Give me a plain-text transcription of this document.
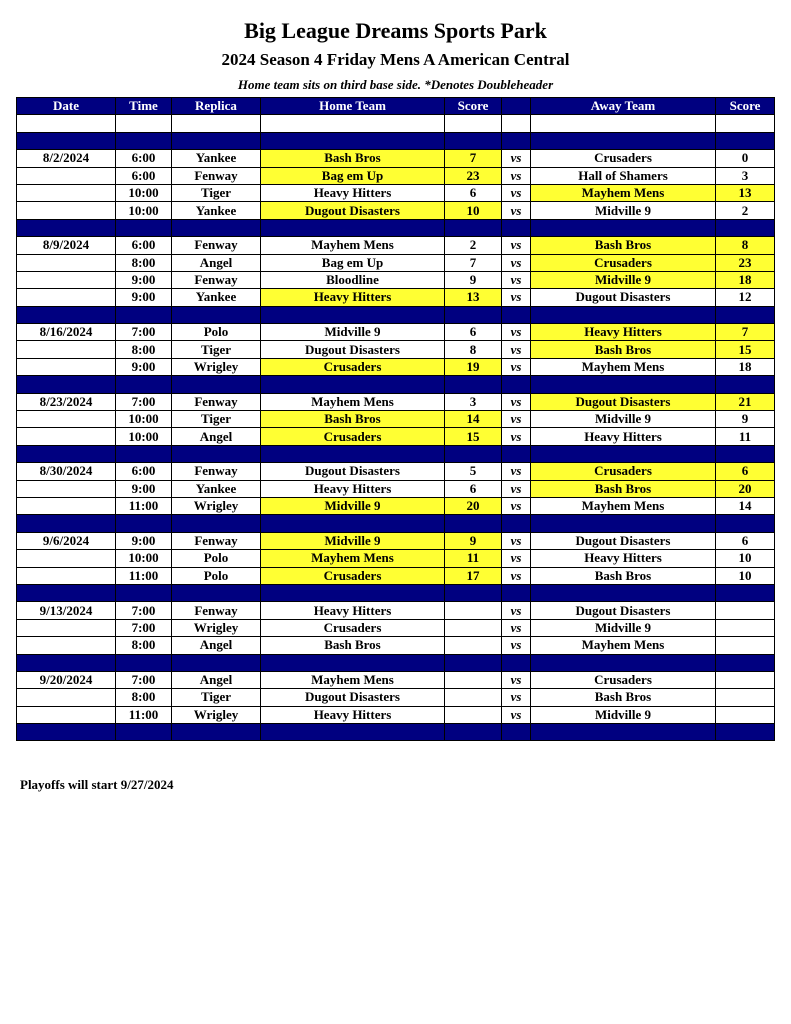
Big League Dreams Sports Park
2024 Season 4 Friday Mens A American Central
Home team sits on third base side. *Denotes Doubleheader
Date	Time	Replica	Home Team	Score		Away Team	Score

8/2/2024	6:00	Yankee	Bash Bros	7	vs	Crusaders	0
	6:00	Fenway	Bag em Up	23	vs	Hall of Shamers	3
	10:00	Tiger	Heavy Hitters	6	vs	Mayhem Mens	13
	10:00	Yankee	Dugout Disasters	10	vs	Midville 9	2

8/9/2024	6:00	Fenway	Mayhem Mens	2	vs	Bash Bros	8
	8:00	Angel	Bag em Up	7	vs	Crusaders	23
	9:00	Fenway	Bloodline	9	vs	Midville 9	18
	9:00	Yankee	Heavy Hitters	13	vs	Dugout Disasters	12

8/16/2024	7:00	Polo	Midville 9	6	vs	Heavy Hitters	7
	8:00	Tiger	Dugout Disasters	8	vs	Bash Bros	15
	9:00	Wrigley	Crusaders	19	vs	Mayhem Mens	18

8/23/2024	7:00	Fenway	Mayhem Mens	3	vs	Dugout Disasters	21
	10:00	Tiger	Bash Bros	14	vs	Midville 9	9
	10:00	Angel	Crusaders	15	vs	Heavy Hitters	11

8/30/2024	6:00	Fenway	Dugout Disasters	5	vs	Crusaders	6
	9:00	Yankee	Heavy Hitters	6	vs	Bash Bros	20
	11:00	Wrigley	Midville 9	20	vs	Mayhem Mens	14

9/6/2024	9:00	Fenway	Midville 9	9	vs	Dugout Disasters	6
	10:00	Polo	Mayhem Mens	11	vs	Heavy Hitters	10
	11:00	Polo	Crusaders	17	vs	Bash Bros	10

9/13/2024	7:00	Fenway	Heavy Hitters		vs	Dugout Disasters	
	7:00	Wrigley	Crusaders		vs	Midville 9	
	8:00	Angel	Bash Bros		vs	Mayhem Mens	

9/20/2024	7:00	Angel	Mayhem Mens		vs	Crusaders	
	8:00	Tiger	Dugout Disasters		vs	Bash Bros	
	11:00	Wrigley	Heavy Hitters		vs	Midville 9	

Playoffs will start 9/27/2024
